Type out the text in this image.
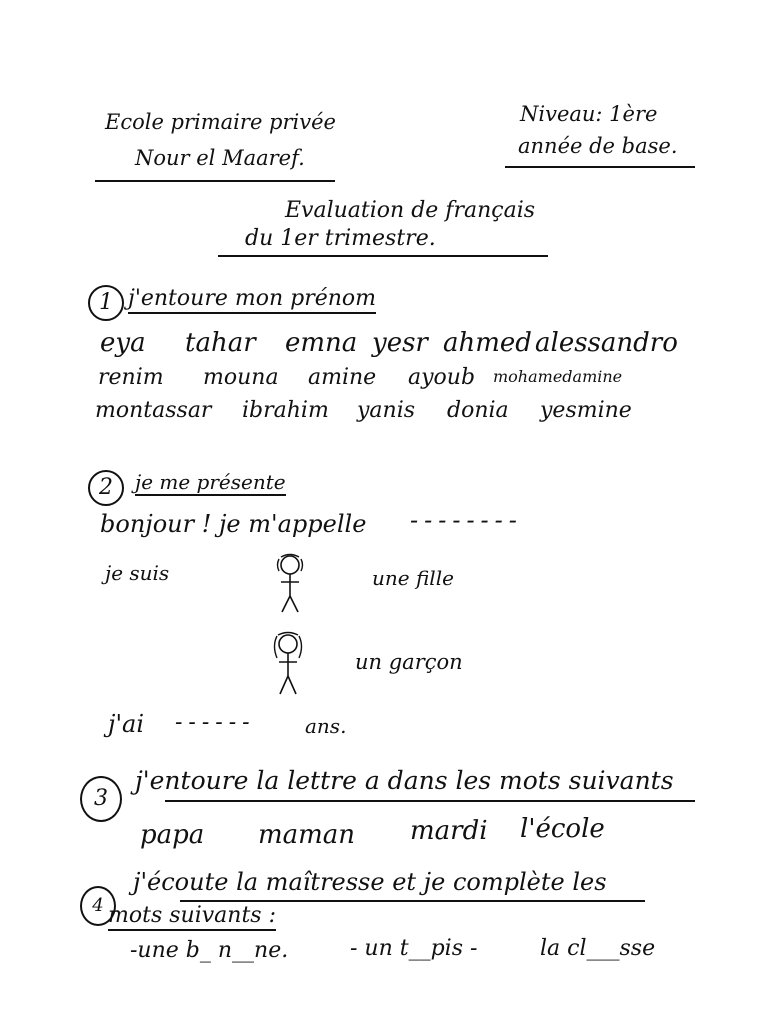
Ecole primaire privée
Nour el Maaref.
Niveau: 1ère
année de base.
Evaluation de français
du 1er trimestre.
1 j'entoure mon prénom
eya tahar emna yesr ahmed alessandro
renim mouna amine ayoub mohamedamine
montassar ibrahim yanis donia yesmine
2	je me présente
bonjour ! je m'appelle --------
je suis	une fille
un garçon
j'ai ------ ans.
3
j'entoure la lettre a dans les mots suivants
papa maman mardi l'école
4
j'écoute la maîtresse et je complète les
mots suivants :
-une b_ n__ne.	- un t__pis -	la cl___sse
